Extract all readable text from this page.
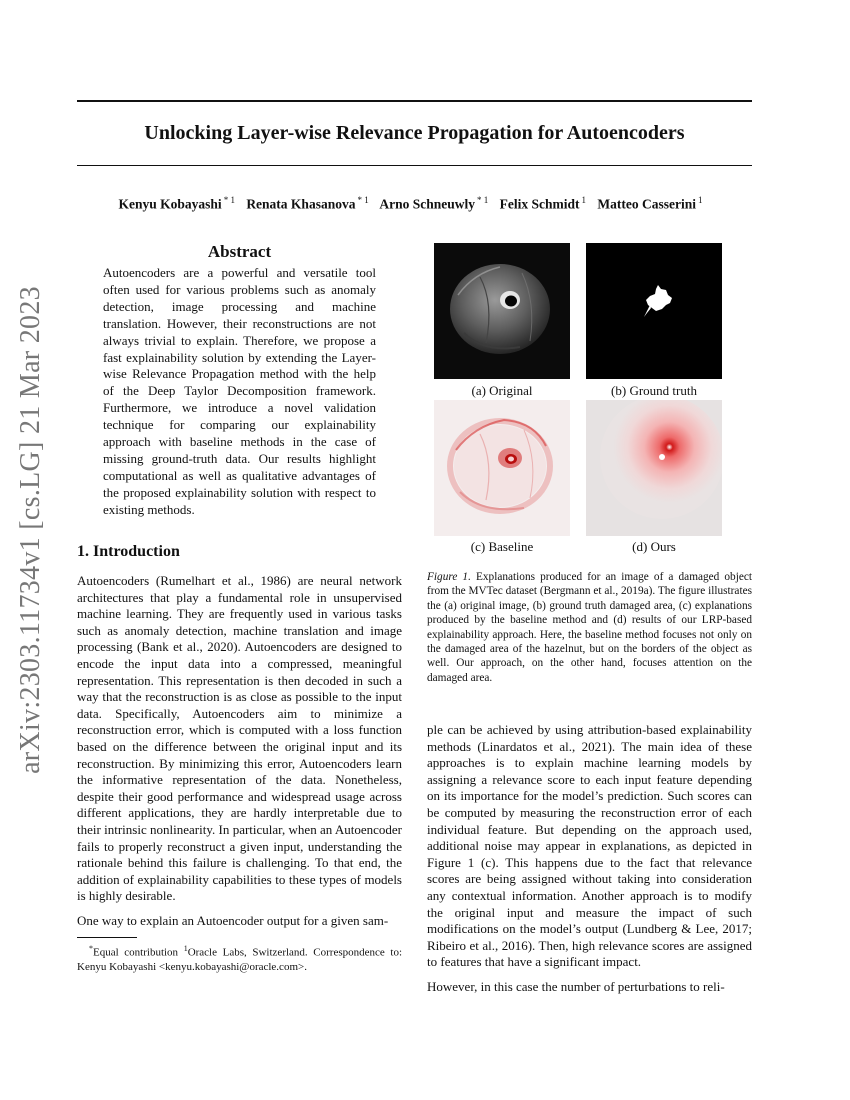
arXiv:2303.11734v1 [cs.LG] 21 Mar 2023
Unlocking Layer-wise Relevance Propagation for Autoencoders
Kenyu Kobayashi $^{* 1}$ Renata Khasanova $^{* 1}$ Arno Schneuwly $^{* 1}$ Felix Schmidt $^1$ Matteo Casserini $^1$
Abstract
Autoencoders are a powerful and versatile tool often used for various problems such as anomaly detection, image processing and machine translation. However, their reconstructions are not always trivial to explain. Therefore, we propose a fast explainability solution by extending the Layer-wise Relevance Propagation method with the help of the Deep Taylor Decomposition framework. Furthermore, we introduce a novel validation technique for comparing our explainability approach with baseline methods in the case of missing ground-truth data. Our results highlight computational as well as qualitative advantages of the proposed explainability solution with respect to existing methods.
1. Introduction

Autoencoders (Rumelhart et al., 1986) are neural network architectures that play a fundamental role in unsupervised machine learning. They are frequently used in various tasks such as anomaly detection, machine translation and image processing (Bank et al., 2020). Autoencoders are designed to encode the input data into a compressed, meaningful representation. This representation is then decoded in such a way that the reconstruction is as close as possible to the input data. Specifically, Autoencoders aim to minimize a reconstruction error, which is computed with a loss function based on the difference between the original input and its reconstruction. By minimizing this error, Autoencoders learn the informative representation of the data. Nonetheless, despite their good performance and widespread usage across different applications, they are hardly interpretable due to their intrinsic nonlinearity. In particular, when an Autoencoder fails to properly reconstruct a given input, understanding the rationale behind this failure is challenging. To that end, the addition of explainability capabilities to these types of models is highly desirable.

One way to explain an Autoencoder output for a given sam-

*Equal contribution $^1$Oracle Labs, Switzerland. Correspondence to: Kenyu Kobayashi <kenyu.kobayashi@oracle.com>.

(a) Original	(b) Ground truth
(c) Baseline	(d) Ours
Figure 1. Explanations produced for an image of a damaged object from the MVTec dataset (Bergmann et al., 2019a). The figure illustrates the (a) original image, (b) ground truth damaged area, (c) explanations produced by the baseline method and (d) results of our LRP-based explainability approach. Here, the baseline method focuses not only on the damaged area of the hazelnut, but on the borders of the object as well. Our approach, on the other hand, focuses attention on the damaged area.

ple can be achieved by using attribution-based explainability methods (Linardatos et al., 2021). The main idea of these approaches is to explain machine learning models by assigning a relevance score to each input feature depending on its importance for the model’s prediction. Such scores can be computed by measuring the reconstruction error of each individual feature. But depending on the approach used, additional noise may appear in explanations, as depicted in Figure 1 (c). This happens due to the fact that relevance scores are being assigned without taking into consideration any contextual information. Another approach is to modify the original input and measure the impact of such modifications on the model’s output (Lundberg & Lee, 2017; Ribeiro et al., 2016). Then, high relevance scores are assigned to features that have a significant impact.

However, in this case the number of perturbations to reli-
